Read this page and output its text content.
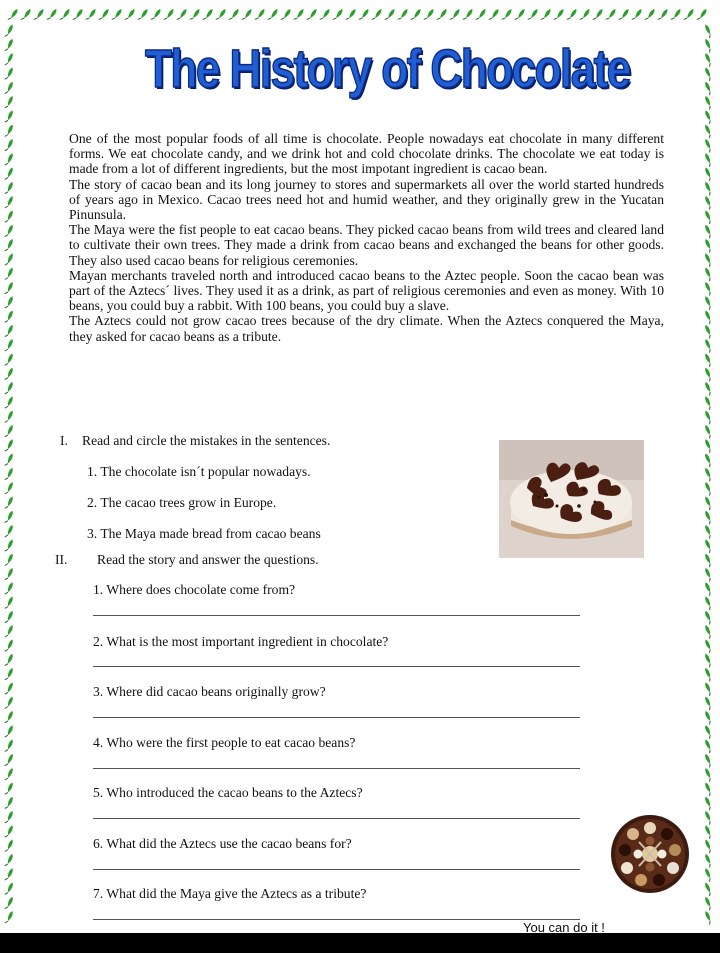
The History of Chocolate

One of the most popular foods of all time is chocolate. People nowadays eat chocolate in many different forms. We eat chocolate candy, and we drink hot and cold chocolate drinks. The chocolate we eat today is made from a lot of different ingredients, but the most impotant ingredient is cacao bean.

The story of cacao bean and its long journey to stores and supermarkets all over the world started hundreds of years ago in Mexico. Cacao trees need hot and humid weather, and they originally grew in the Yucatan Pinunsula.

The Maya were the fist people to eat cacao beans. They picked cacao beans from wild trees and cleared land to cultivate their own trees. They made a drink from cacao beans and exchanged the beans for other goods. They also used cacao beans for religious ceremonies.

Mayan merchants traveled north and introduced cacao beans to the Aztec people. Soon the cacao bean was part of the Aztecs´ lives. They used it as a drink, as part of religious ceremonies and even as money. With 10 beans, you could buy a rabbit. With 100 beans, you could buy a slave.

The Aztecs could not grow cacao trees because of the dry climate. When the Aztecs conquered the Maya, they asked for cacao beans as a tribute.

I. Read and circle the mistakes in the sentences.
1. The chocolate isn´t popular nowadays.
2. The cacao trees grow in Europe.
3. The Maya made bread from cacao beans
II. Read the story and answer the questions.
1. Where does chocolate come from?
2. What is the most important ingredient in chocolate?
3. Where did cacao beans originally grow?
4. Who were the first people to eat cacao beans?
5. Who introduced the cacao beans to the Aztecs?
6. What did the Aztecs use the cacao beans for?
7. What did the Maya give the Aztecs as a tribute?
You can do it !
